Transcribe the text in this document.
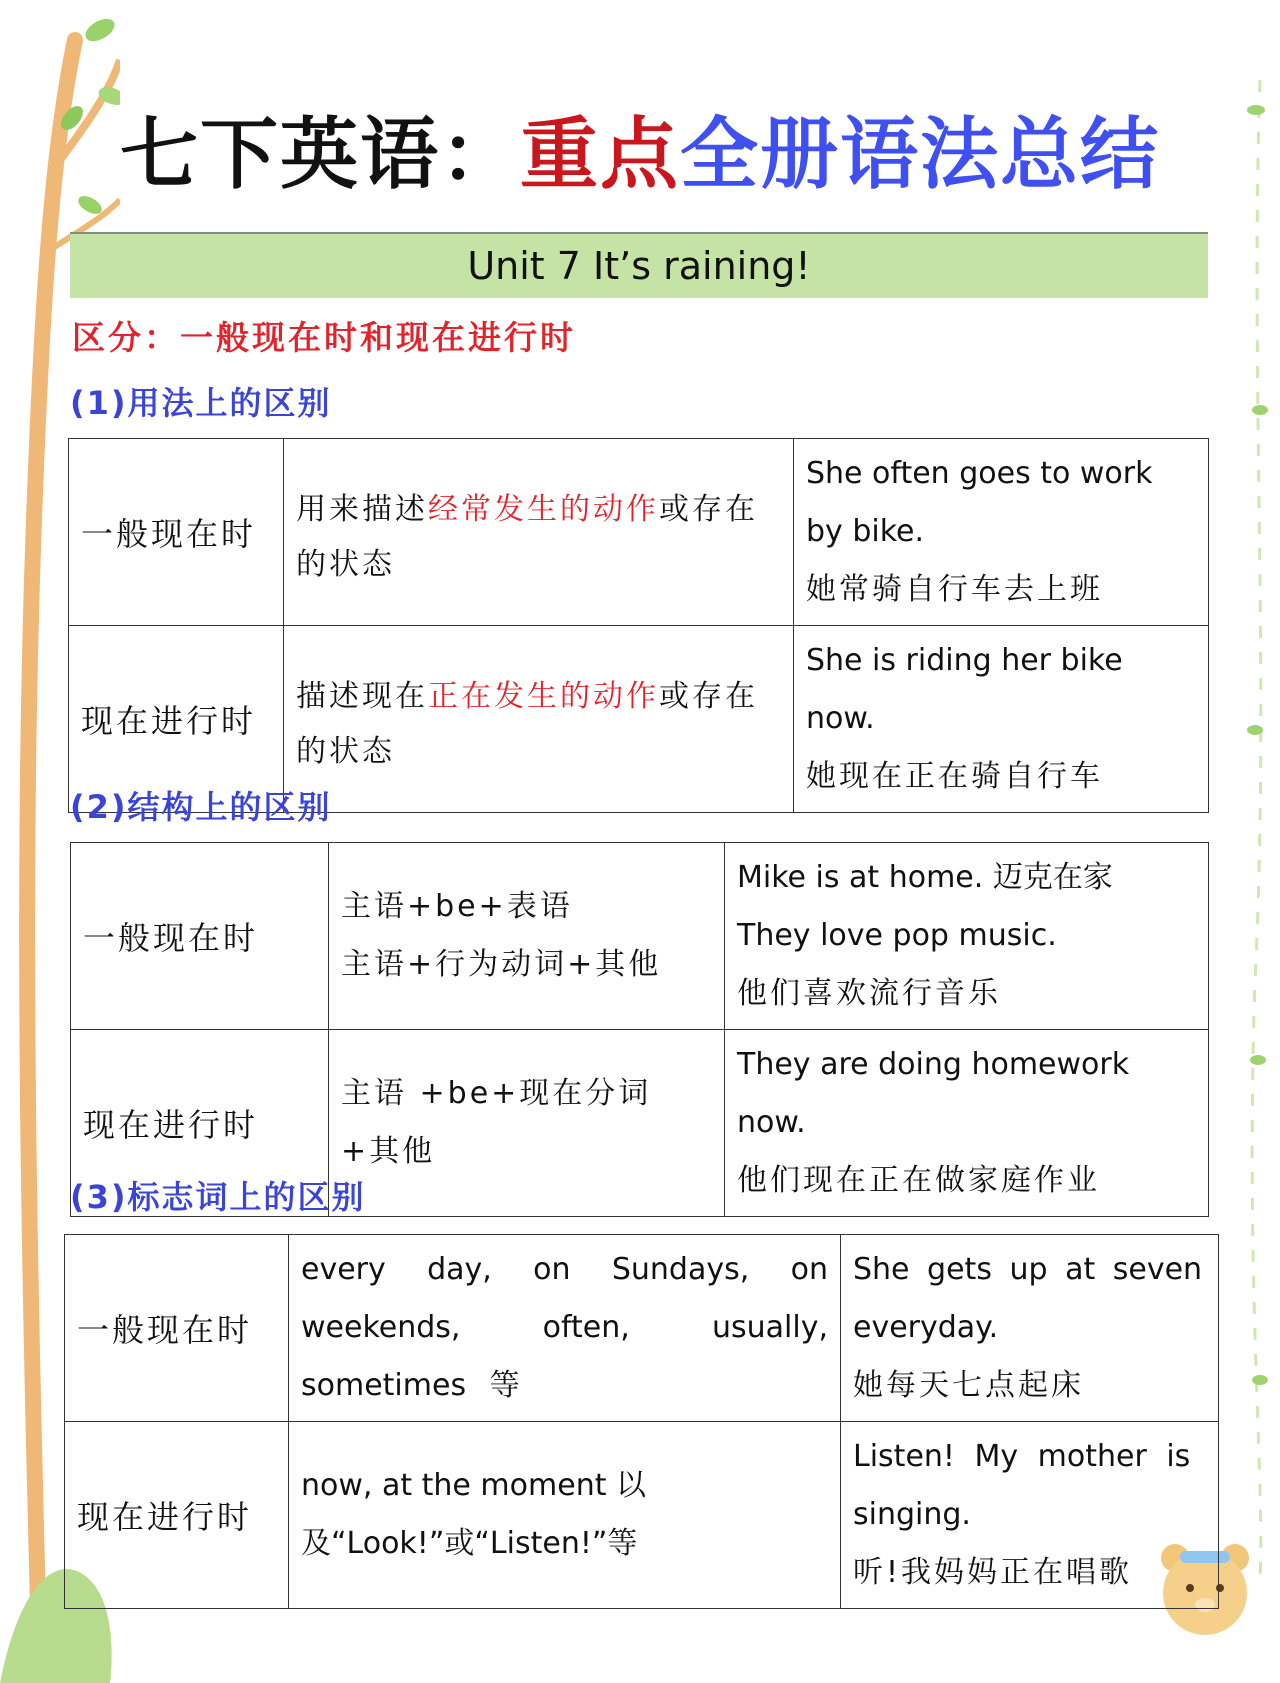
七下英语：重点全册语法总结
Unit 7 It’s raining!
区分：一般现在时和现在进行时
(1)用法上的区别
一般现在时	用来描述经常发生的动作或存在的状态	She often goes to work by bike.
她常骑自行车去上班

现在进行时	描述现在正在发生的动作或存在的状态	She is riding her bike now.
她现在正在骑自行车
(2)结构上的区别
一般现在时	主语+be+表语
主语+行为动词+其他	Mike is at home. 迈克在家
They love pop music.
他们喜欢流行音乐

现在进行时	主语 +be+现在分词+其他	They are doing homework now.
他们现在正在做家庭作业
(3)标志词上的区别
一般现在时	every day, on Sundays, on weekends, often, usually, sometimes 等	She gets up at seven everyday.
她每天七点起床

现在进行时	now, at the moment 以及“Look!”或“Listen!”等	Listen! My mother is singing.
听!我妈妈正在唱歌
